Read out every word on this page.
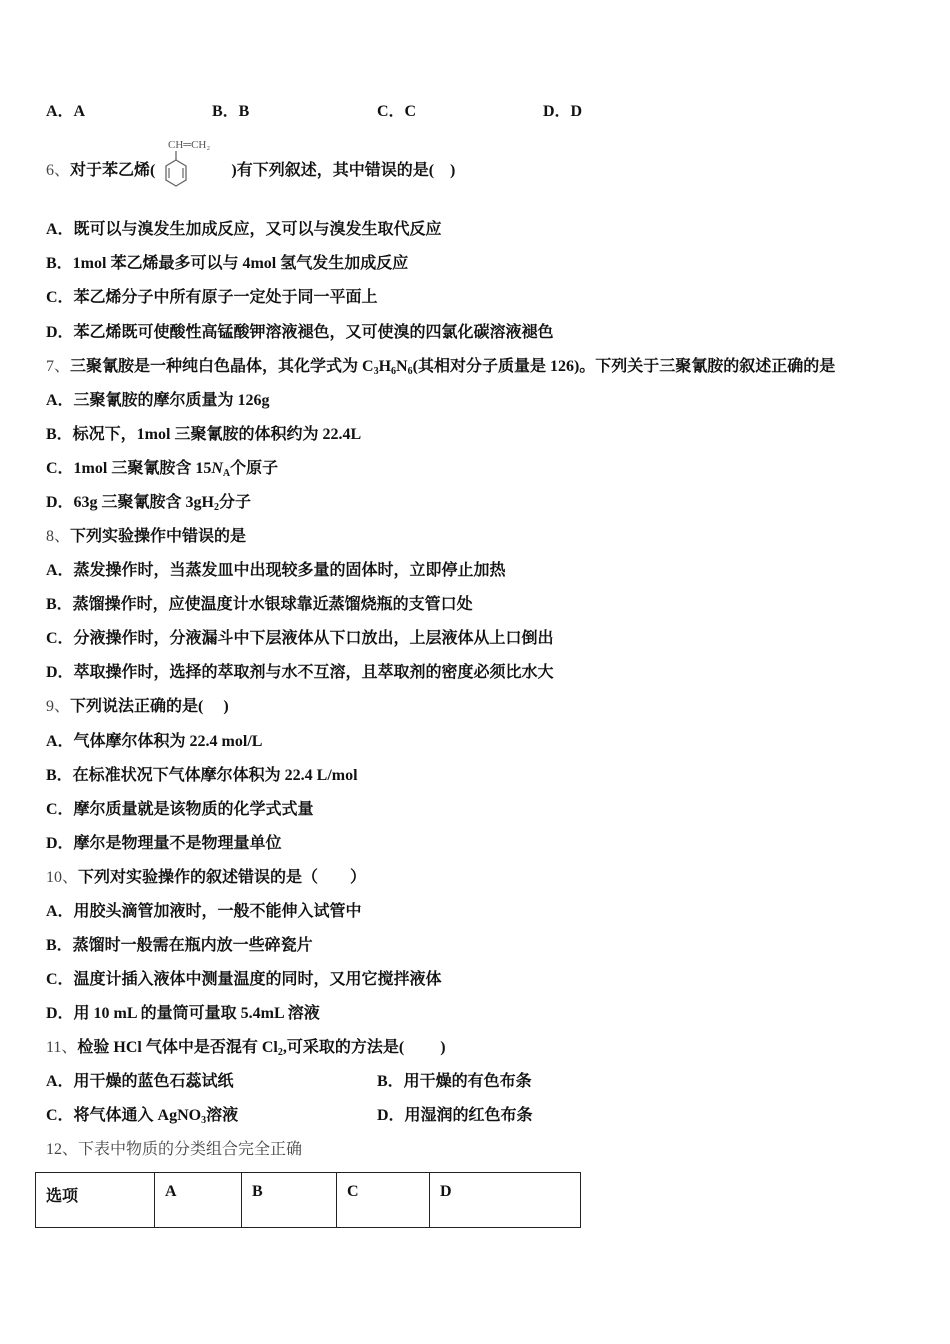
A．A	B．B	C．C	D．D
6、对于苯乙烯(	)有下列叙述，其中错误的是(　)
CH═CH₂
A．既可以与溴发生加成反应，又可以与溴发生取代反应
B．1mol 苯乙烯最多可以与 4mol 氢气发生加成反应
C．苯乙烯分子中所有原子一定处于同一平面上
D．苯乙烯既可使酸性高锰酸钾溶液褪色，又可使溴的四氯化碳溶液褪色
7、三聚氰胺是一种纯白色晶体，其化学式为 $C_3H_6N_6$(其相对分子质量是 126)。下列关于三聚氰胺的叙述正确的是
A．三聚氰胺的摩尔质量为 126g
B．标况下，1mol 三聚氰胺的体积约为 22.4L
C．1mol 三聚氰胺含 $15N_A$个原子
D．63g 三聚氰胺含 $3gH_2$分子
8、下列实验操作中错误的是
A．蒸发操作时，当蒸发皿中出现较多量的固体时，立即停止加热
B．蒸馏操作时，应使温度计水银球靠近蒸馏烧瓶的支管口处
C．分液操作时，分液漏斗中下层液体从下口放出，上层液体从上口倒出
D．萃取操作时，选择的萃取剂与水不互溶，且萃取剂的密度必须比水大
9、下列说法正确的是(　 )
A．气体摩尔体积为 22.4 mol/L
B．在标准状况下气体摩尔体积为 22.4 L/mol
C．摩尔质量就是该物质的化学式式量
D．摩尔是物理量不是物理量单位
10、下列对实验操作的叙述错误的是（　　）
A．用胶头滴管加液时，一般不能伸入试管中
B．蒸馏时一般需在瓶内放一些碎瓷片
C．温度计插入液体中测量温度的同时，又用它搅拌液体
D．用 10 mL 的量筒可量取 5.4mL 溶液
11、检验 HCl 气体中是否混有 $Cl_2$,可采取的方法是(　　 )
A．用干燥的蓝色石蕊试纸	B．用干燥的有色布条
C．将气体通入 AgNO$_3$溶液	D．用湿润的红色布条
12、下表中物质的分类组合完全正确
选项	A	B	C	D
